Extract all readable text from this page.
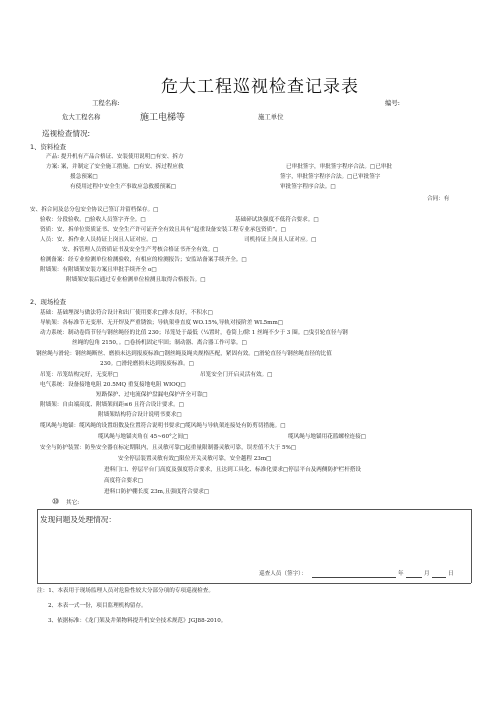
危大工程巡视检查记录表
工程名称:	编号:
危大工程名称	施工电梯等	施工单位
巡视检查情况:
1、资料检查
产品: 提升机有产品合格证、安装使用说明□有安、拆方
方案: 案，并制定了安全施工措施。□有安、拆过程应救	已审批签字，审批签字程序合法。□已审批
援急预案□	签字，审批签字程序合法。□已审批签字
有使用过程中安全生产事故应急救援预案□	审批签字程序合法。□
合同：有
安、拆合同及总分包安全协议已签订并留档保存。□
验收：分段验收。□验收人员签字齐全。□	基础碎试块强度不低符合要求。□
资质：安、拆单位资质证书、安全生产许可证齐全有效且具有“起重设备安装工程专业承包资质”。□
人员：安、拆作业人员持证上岗且人证对应。□	司机持证上岗且人证对应。□
安、拆管理人员资质证书及安全生产考核合格证书齐全有效。□
检测备案：经专业检测单位检测验收，有相应的检测报告；安监站备案手续齐全。□
附墙架：有附墙架安装方案且审批手续齐全 o□
附墙架安装后通过专业检测单位检测且取得合格报告。□
2、现场检查
基础：基础埋深与做法符合设计和出厂使用要求□排水良好，不积水□
导轨架：各标准节无变形、无开焊及严重锈蚀；导轨架垂直度 WO.15%,导轨对接阶差 WL5mm□
动力系统：制动卷筒节径与钢丝绳径的比值 230；吊笼处于最低（¼置时，卷筒上/除 1 丝绳不少于 3 圈。□曳引轮直径与钢
丝绳的包角 2150，。□卷扬机固定牢固；制动器、离合器工作可靠。□
钢丝绳与滑轮：钢丝绳断丝、磨损未达到报废标准□钢丝绳及绳夹规格匹配，紧固有效。□滑轮直径与钢丝绳直径的比值
230。□滑轮磨损未达到报废标准。□
吊笼：吊笼结构完好，无变形□	吊笼安全门开启灵活有效。□
电气系统：设备接地电阻 20.5MQ 重复接地电阻 WIOQ□
短路保护、过电流保护盘漏电保护齐全可靠□
附墙架：自由端高度、附墙架间距≤6 且符合设计要求。□
附墙架结构符合设计说明书要求□
缆风绳与地锚：缆风绳的设置组数及位置符合说明书要求□缆风绳与导轨架连接处有防剪切措施。□
缆风绳与地锚夹角在 45~60°之间□	缆风绳与地锚用花篮螺栓连接□
安全与防护装置：防坠安全器在标定期限内，且灵敏可靠□起重量限制器灵敏可靠，误差值不大于 5%□
安全停层装置灵敏有效□限位开关灵敏可靠，安全越程 23m□
进料门口、停层平台门高度及强度符合要求，且达到工具化、标准化要求□停层平台及两侧防护栏杆搭设
高度符合要求□
进料口防护棚长度 23m,且强度符合要求□
⑩ 其它:
发现问题及处理情况：
巡查人员（签字）：	年	月	日
注：1、本表用于现场监理人员对危险性较大分部分项的专项巡视检查。
2、本表一式一份，项目监理机构留存。
3、依据标准：《龙门架及井架物料提升机安全技术规范》JGJ88-2010。
